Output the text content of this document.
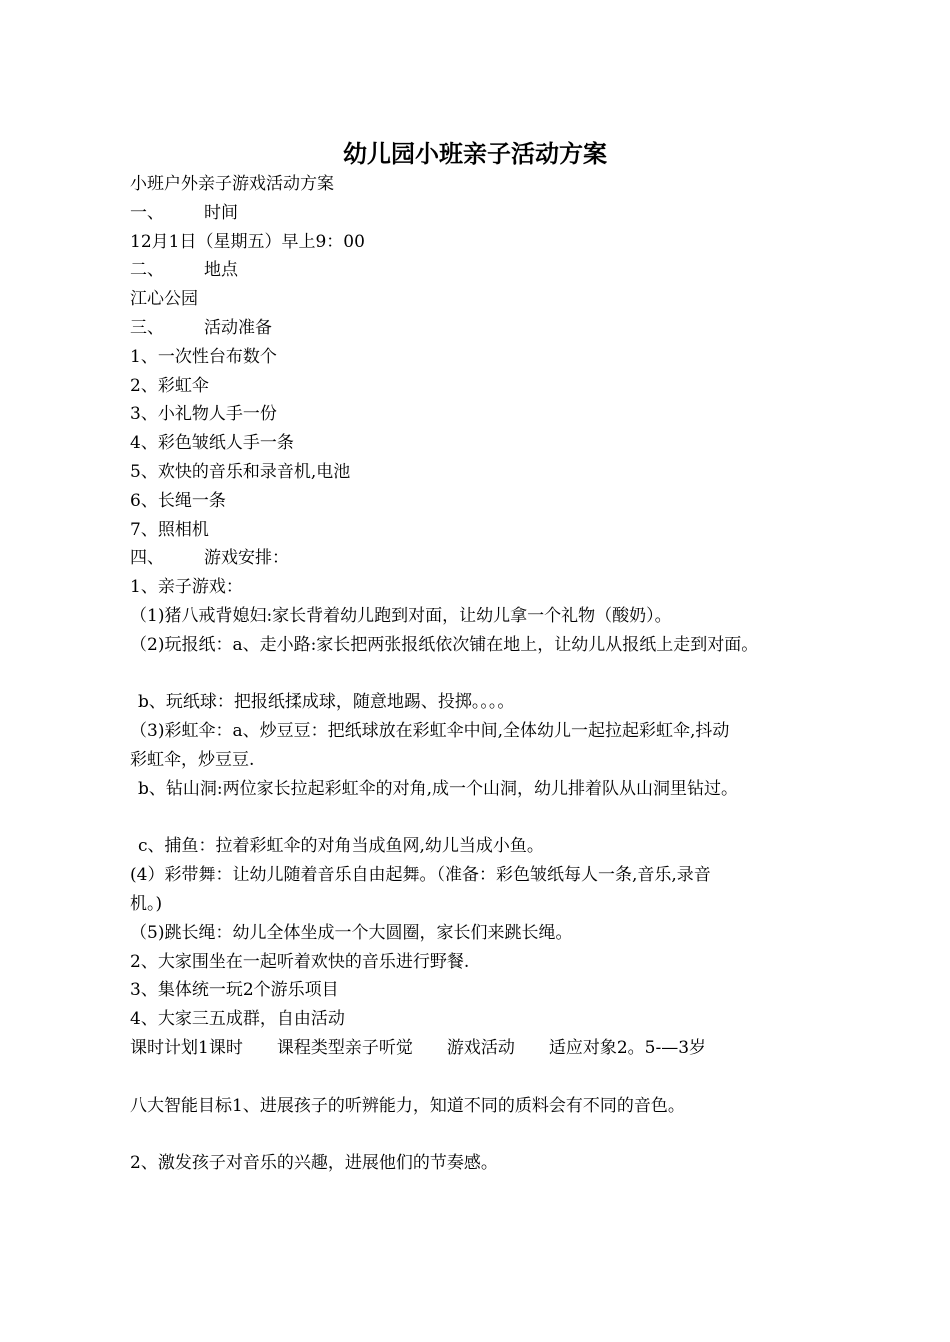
幼儿园小班亲子活动方案

小班户外亲子游戏活动方案

一、 时间

12月1日（星期五）早上9：00

二、 地点

江心公园

三、 活动准备

1、一次性台布数个

2、彩虹伞

3、小礼物人手一份

4、彩色皱纸人手一条

5、欢快的音乐和录音机,电池

6、长绳一条

7、照相机

四、 游戏安排：

1、亲子游戏：

（1)猪八戒背媳妇:家长背着幼儿跑到对面，让幼儿拿一个礼物（酸奶）。

（2)玩报纸：a、走小路:家长把两张报纸依次铺在地上，让幼儿从报纸上走到对面。

b、玩纸球：把报纸揉成球，随意地踢、投掷。。。。

（3)彩虹伞：a、炒豆豆：把纸球放在彩虹伞中间,全体幼儿一起拉起彩虹伞,抖动

彩虹伞，炒豆豆.

b、钻山洞:两位家长拉起彩虹伞的对角,成一个山洞，幼儿排着队从山洞里钻过。

c、捕鱼：拉着彩虹伞的对角当成鱼网,幼儿当成小鱼。

(4）彩带舞：让幼儿随着音乐自由起舞。（准备：彩色皱纸每人一条,音乐,录音

机。)

（5)跳长绳：幼儿全体坐成一个大圆圈，家长们来跳长绳。

2、大家围坐在一起听着欢快的音乐进行野餐.

3、集体统一玩2个游乐项目

4、大家三五成群，自由活动

课时计划1课时 课程类型亲子听觉 游戏活动 适应对象2。5-—3岁

八大智能目标1、进展孩子的听辨能力，知道不同的质料会有不同的音色。

2、激发孩子对音乐的兴趣，进展他们的节奏感。
